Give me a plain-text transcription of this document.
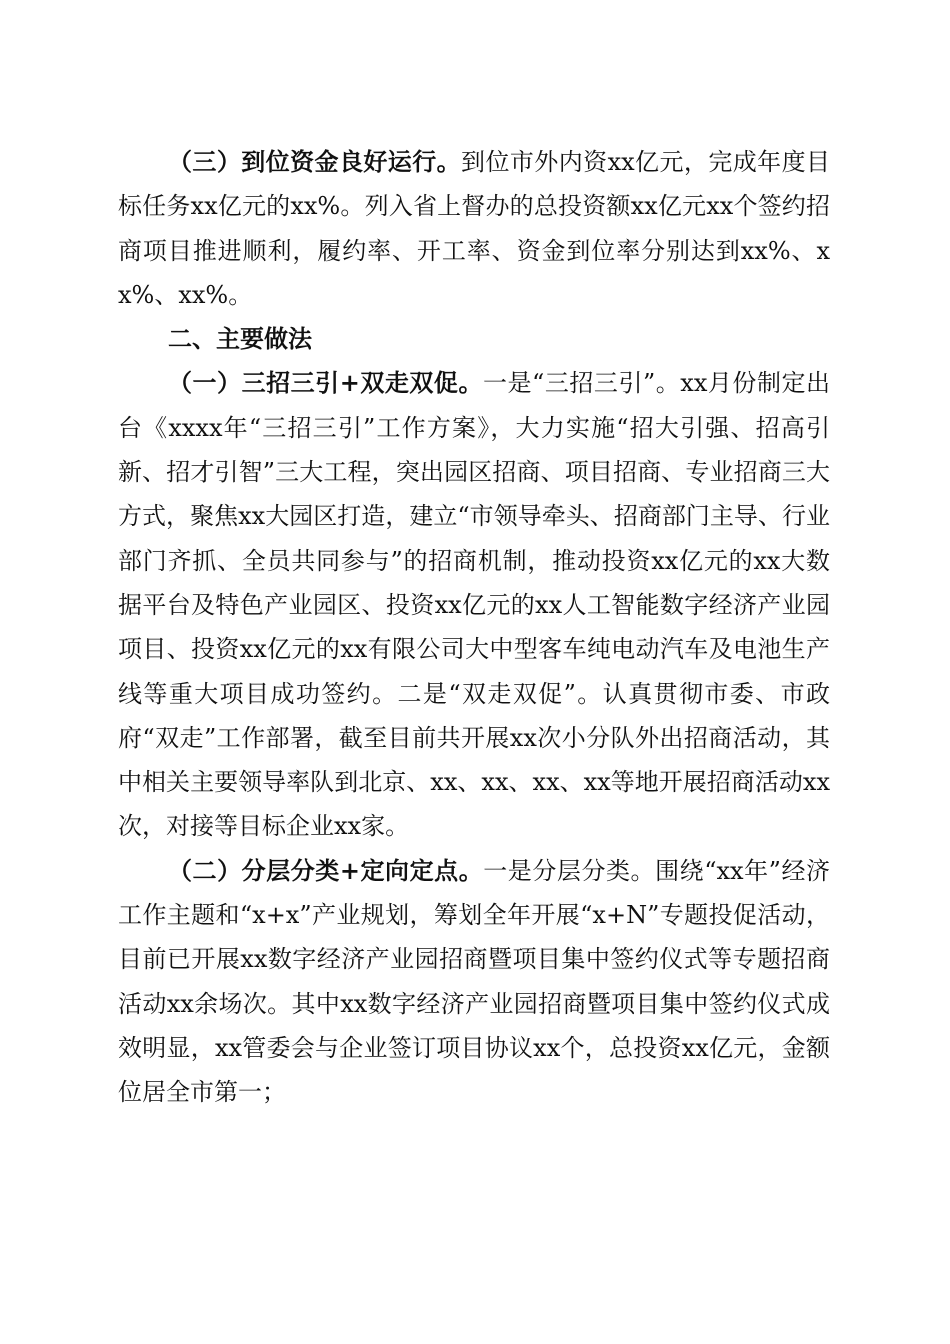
（三）到位资金良好运行。到位市外内资xx亿元，完成年度目标任务xx亿元的xx%。列入省上督办的总投资额xx亿元xx个签约招商项目推进顺利，履约率、开工率、资金到位率分别达到xx%、xx%、xx%。

二、主要做法

（一）三招三引+双走双促。一是“三招三引”。xx月份制定出台《xxxx年“三招三引”工作方案》，大力实施“招大引强、招高引新、招才引智”三大工程，突出园区招商、项目招商、专业招商三大方式，聚焦xx大园区打造，建立“市领导牵头、招商部门主导、行业部门齐抓、全员共同参与”的招商机制，推动投资xx亿元的xx大数据平台及特色产业园区、投资xx亿元的xx人工智能数字经济产业园项目、投资xx亿元的xx有限公司大中型客车纯电动汽车及电池生产线等重大项目成功签约。二是“双走双促”。认真贯彻市委、市政府“双走”工作部署，截至目前共开展xx次小分队外出招商活动，其中相关主要领导率队到北京、xx、xx、xx、xx等地开展招商活动xx次，对接等目标企业xx家。

（二）分层分类+定向定点。一是分层分类。围绕“xx年”经济工作主题和“x+x”产业规划，筹划全年开展“x+N”专题投促活动，目前已开展xx数字经济产业园招商暨项目集中签约仪式等专题招商活动xx余场次。其中xx数字经济产业园招商暨项目集中签约仪式成效明显，xx管委会与企业签订项目协议xx个，总投资xx亿元，金额位居全市第一；
